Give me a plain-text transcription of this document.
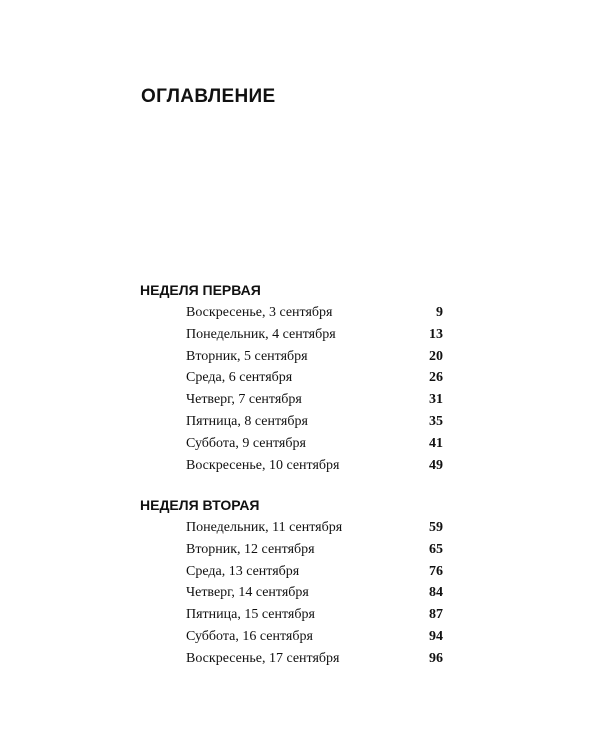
ОГЛАВЛЕНИЕ
НЕДЕЛЯ ПЕРВАЯ
Воскресенье, 3 сентября	9
Понедельник, 4 сентября	13
Вторник, 5 сентября	20
Среда, 6 сентября	26
Четверг, 7 сентября	31
Пятница, 8 сентября	35
Суббота, 9 сентября	41
Воскресенье, 10 сентября	49
НЕДЕЛЯ ВТОРАЯ
Понедельник, 11 сентября	59
Вторник, 12 сентября	65
Среда, 13 сентября	76
Четверг, 14 сентября	84
Пятница, 15 сентября	87
Суббота, 16 сентября	94
Воскресенье, 17 сентября	96
